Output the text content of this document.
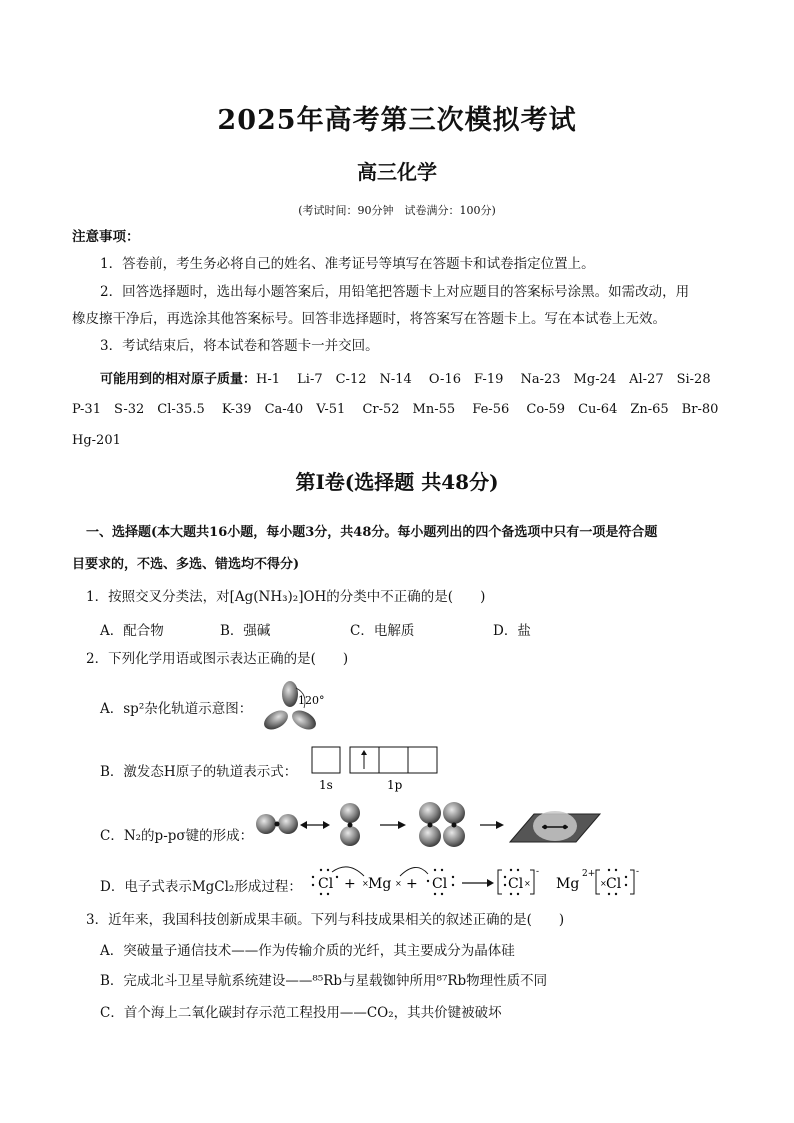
2025年高考第三次模拟考试
高三化学
(考试时间：90分钟　试卷满分：100分)
注意事项：
1．答卷前，考生务必将自己的姓名、准考证号等填写在答题卡和试卷指定位置上。
2．回答选择题时，选出每小题答案后，用铅笔把答题卡上对应题目的答案标号涂黑。如需改动，用
橡皮擦干净后，再选涂其他答案标号。回答非选择题时，将答案写在答题卡上。写在本试卷上无效。
3．考试结束后，将本试卷和答题卡一并交回。
可能用到的相对原子质量：H-1　 Li-7　C-12　N-14　 O-16　F-19　 Na-23　Mg-24　Al-27　Si-28
P-31　S-32　Cl-35.5　 K-39　Ca-40　V-51　 Cr-52　Mn-55　 Fe-56　 Co-59　Cu-64　Zn-65　Br-80
Hg-201
第Ⅰ卷(选择题 共48分)
一、选择题(本大题共16小题，每小题3分，共48分。每小题列出的四个备选项中只有一项是符合题
目要求的，不选、多选、错选均不得分)
1．按照交叉分类法，对[Ag(NH₃)₂]OH的分类中不正确的是(　　)
A．配合物	B．强碱	C．电解质	D．盐
2．下列化学用语或图示表达正确的是(　　)
A．sp²杂化轨道示意图：
120°
B．激发态H原子的轨道表示式：
1s	1p
C．N₂的p-pσ键的形成：
D．电子式表示MgCl₂形成过程： Cl + Mg + Cl	Cl Mg Cl
×	×	×	×
-	2+	-
3．近年来，我国科技创新成果丰硕。下列与科技成果相关的叙述正确的是(　　)
A．突破量子通信技术——作为传输介质的光纤，其主要成分为晶体硅
B．完成北斗卫星导航系统建设——⁸⁵Rb与星载铷钟所用⁸⁷Rb物理性质不同
C．首个海上二氧化碳封存示范工程投用——CO₂，其共价键被破坏
